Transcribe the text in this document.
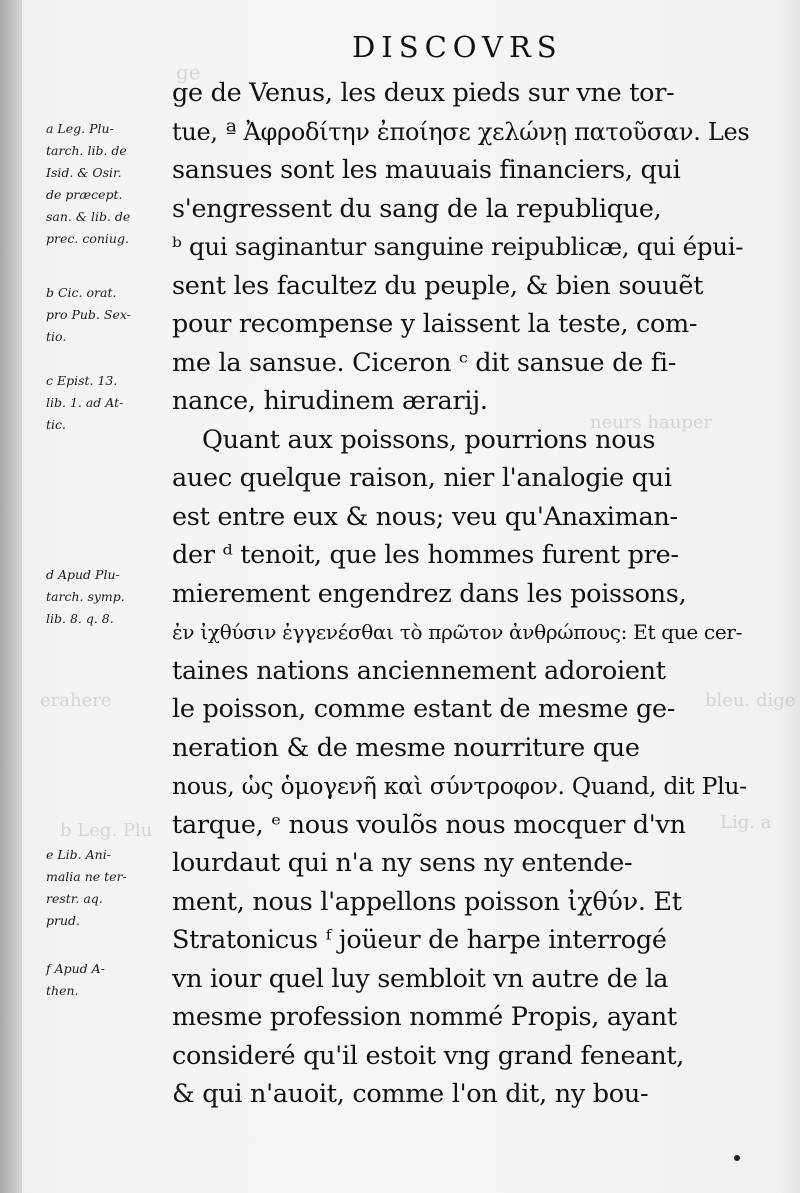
ge
neurs hauper
erahere	bleu. dige
b Leg. Plu	Lig. a
DISCOVRS
a Leg. Plu-
tarch. lib. de
Isid. & Osir.
de præcept.
san. & lib. de
prec. coniug.
b Cic. orat.
pro Pub. Sex-
tio.
c Epist. 13.
lib. 1. ad At-
tic.
d Apud Plu-
tarch. symp.
lib. 8. q. 8.
e Lib. Ani-
malia ne ter-
restr. aq.
prud.
f Apud A-
then.
ge de Venus, les deux pieds sur vne tor-
tue, ª Ἀφροδίτην ἐποίησε χελώνῃ πατοῦσαν. Les
sansues sont les mauuais financiers, qui
s'engressent du sang de la republique,
ᵇ qui saginantur sanguine reipublicæ, qui épui-
sent les facultez du peuple, & bien souuẽt
pour recompense y laissent la teste, com-
me la sansue. Ciceron ᶜ dit sansue de fi-
nance, hirudinem ærarij.
Quant aux poissons, pourrions nous
auec quelque raison, nier l'analogie qui
est entre eux & nous; veu qu'Anaximan-
der ᵈ tenoit, que les hommes furent pre-
mierement engendrez dans les poissons,
ἐν ἰχθύσιν ἐγγενέσθαι τὸ πρῶτον ἀνθρώπους: Et que cer-
taines nations anciennement adoroient
le poisson, comme estant de mesme ge-
neration & de mesme nourriture que
nous, ὡς ὁμογενῆ καὶ σύντροφον. Quand, dit Plu-
tarque, ᵉ nous voulõs nous mocquer d'vn
lourdaut qui n'a ny sens ny entende-
ment, nous l'appellons poisson ἰχθύν. Et
Stratonicus ᶠ joüeur de harpe interrogé
vn iour quel luy sembloit vn autre de la
mesme profession nommé Propis, ayant
consideré qu'il estoit vng grand feneant,
& qui n'auoit, comme l'on dit, ny bou-
